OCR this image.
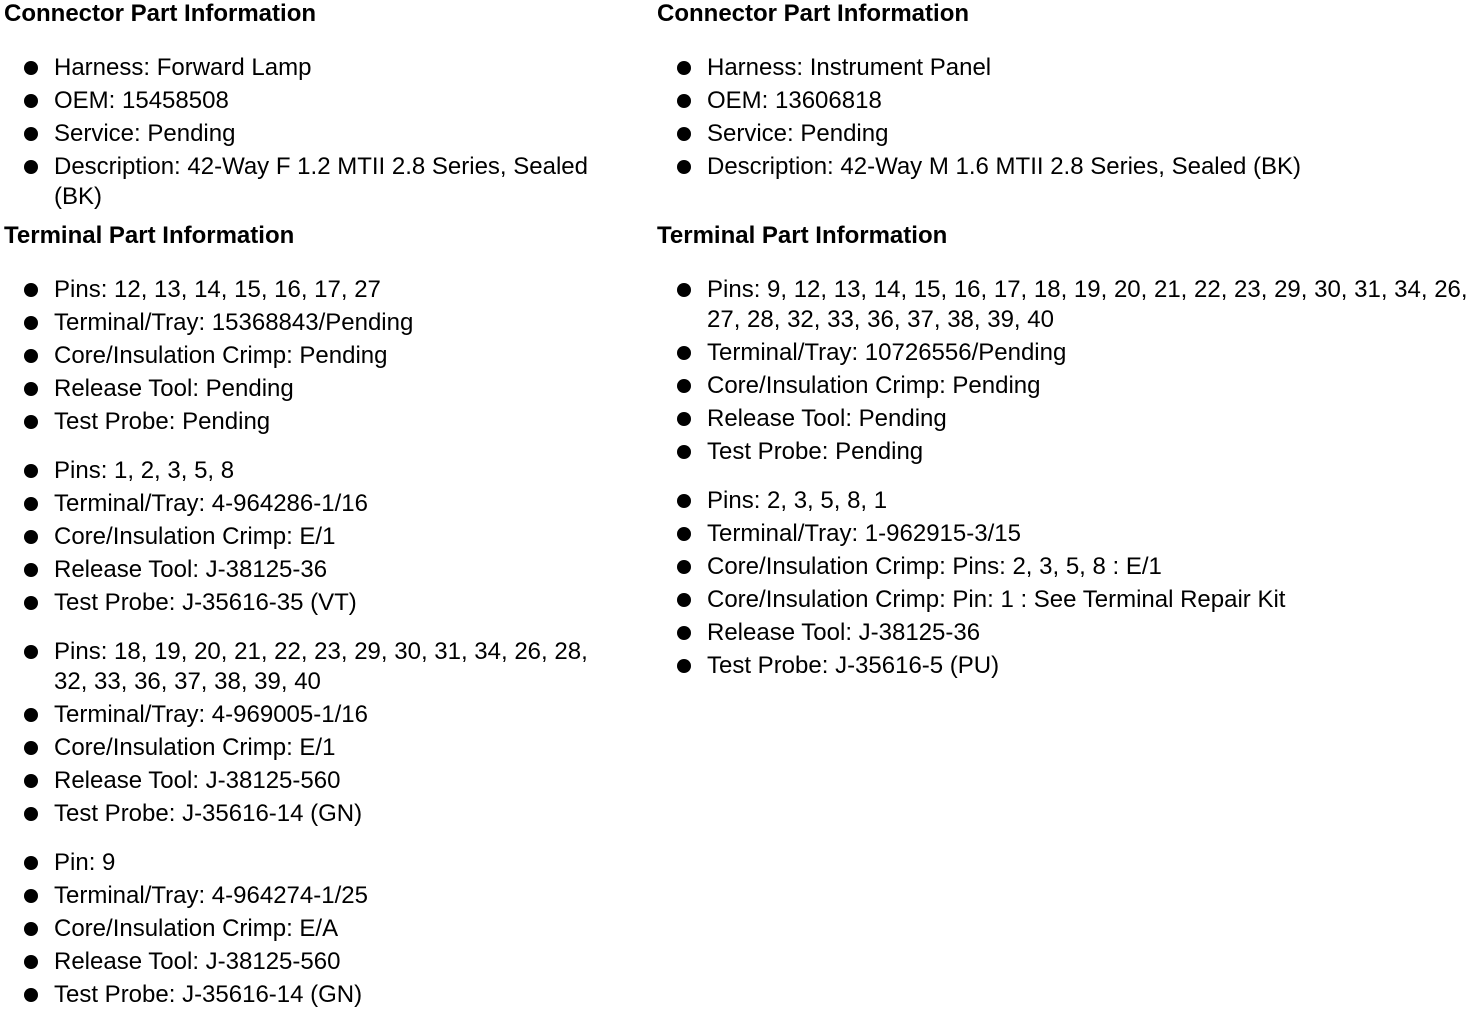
Connector Part Information
Harness: Forward Lamp
OEM: 15458508
Service: Pending
Description: 42-Way F 1.2 MTII 2.8 Series, Sealed (BK)
Terminal Part Information
Pins: 12, 13, 14, 15, 16, 17, 27
Terminal/Tray: 15368843/Pending
Core/Insulation Crimp: Pending
Release Tool: Pending
Test Probe: Pending
Pins: 1, 2, 3, 5, 8
Terminal/Tray: 4-964286-1/16
Core/Insulation Crimp: E/1
Release Tool: J-38125-36
Test Probe: J-35616-35 (VT)
Pins: 18, 19, 20, 21, 22, 23, 29, 30, 31, 34, 26, 28, 32, 33, 36, 37, 38, 39, 40
Terminal/Tray: 4-969005-1/16
Core/Insulation Crimp: E/1
Release Tool: J-38125-560
Test Probe: J-35616-14 (GN)
Pin: 9
Terminal/Tray: 4-964274-1/25
Core/Insulation Crimp: E/A
Release Tool: J-38125-560
Test Probe: J-35616-14 (GN)
Connector Part Information
Harness: Instrument Panel
OEM: 13606818
Service: Pending
Description: 42-Way M 1.6 MTII 2.8 Series, Sealed (BK)
Terminal Part Information
Pins: 9, 12, 13, 14, 15, 16, 17, 18, 19, 20, 21, 22, 23, 29, 30, 31, 34, 26, 27, 28, 32, 33, 36, 37, 38, 39, 40
Terminal/Tray: 10726556/Pending
Core/Insulation Crimp: Pending
Release Tool: Pending
Test Probe: Pending
Pins: 2, 3, 5, 8, 1
Terminal/Tray: 1-962915-3/15
Core/Insulation Crimp: Pins: 2, 3, 5, 8 : E/1
Core/Insulation Crimp: Pin: 1 : See Terminal Repair Kit
Release Tool: J-38125-36
Test Probe: J-35616-5 (PU)
